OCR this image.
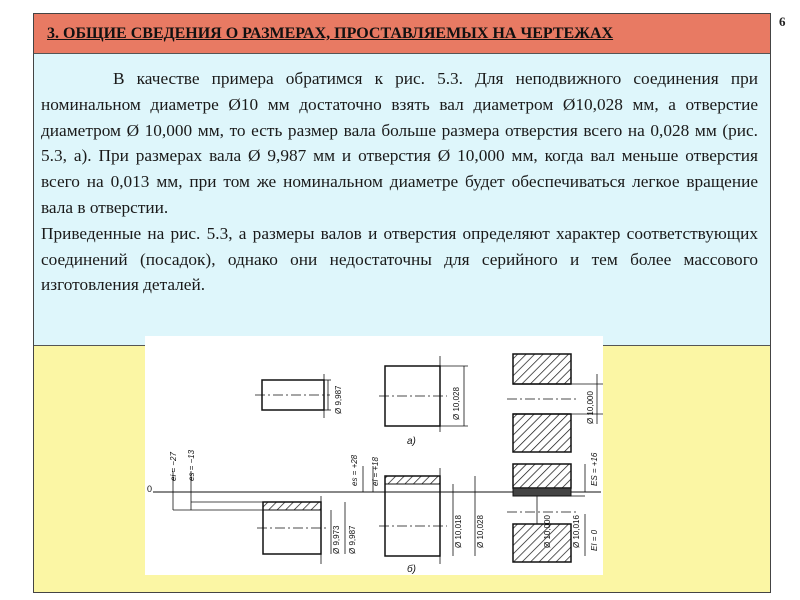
6
3. ОБЩИЕ СВЕДЕНИЯ О РАЗМЕРАХ, ПРОСТАВЛЯЕМЫХ НА ЧЕРТЕЖАХ

В качестве примера обратимся к рис. 5.3. Для неподвижного соединения при номинальном диаметре Ø10 мм достаточно взять вал диаметром Ø10,028 мм, а отверстие диаметром Ø 10,000 мм, то есть размер вала больше размера отверстия всего на 0,028 мм (рис. 5.3, а). При размерах вала Ø 9,987 мм и отверстия Ø 10,000 мм, когда вал меньше отверстия всего на 0,013 мм, при том же номинальном диаметре будет обеспечиваться легкое вращение вала в отверстии.

Приведенные на рис. 5.3, а размеры валов и отверстия определяют характер соответствующих соединений (посадок), однако они недостаточны для серийного и тем более массового изготовления деталей.

Ø 9,987	Ø 10,028	Ø 10,000
а)
0
ei = −27 es = −13	es = +28 ei = +18	ES = +16
EI = 0
Ø 9,973 Ø 9,987	Ø 10,018 Ø 10,028	Ø 10,000	Ø 10,016
б)
